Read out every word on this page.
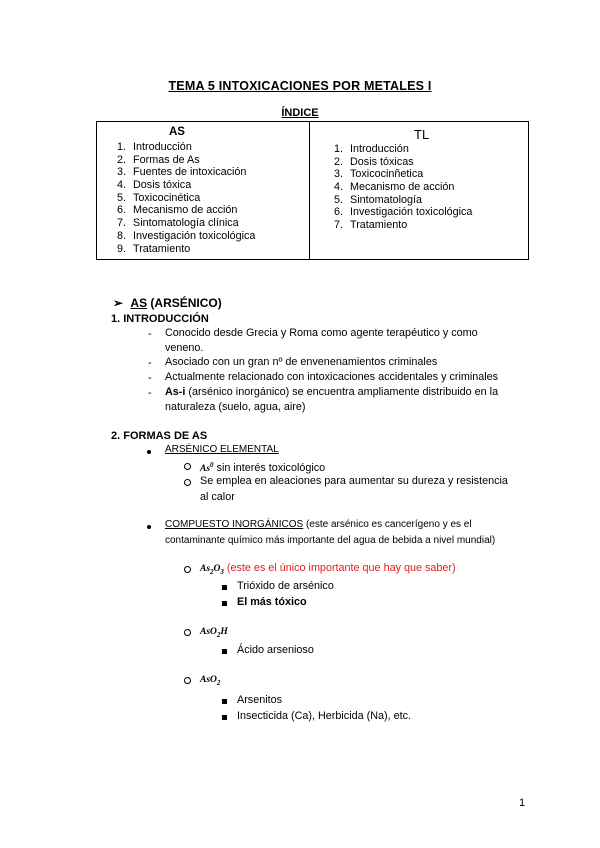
TEMA 5 INTOXICACIONES POR METALES I
ÍNDICE
AS
1. Introducción
2. Formas de As
3. Fuentes de intoxicación
4. Dosis tóxica
5. Toxicocinética
6. Mecanismo de acción
7. Sintomatología clínica
8. Investigación toxicológica
9. Tratamiento
TL
1. Introducción
2. Dosis tóxicas
3. Toxicocinñetica
4. Mecanismo de acción
5. Sintomatología
6. Investigación toxicológica
7. Tratamiento
➢ AS (ARSÉNICO)
1. INTRODUCCIÓN
- Conocido desde Grecia y Roma como agente terapéutico y como
veneno.
- Asociado con un gran nº de envenenamientos criminales
- Actualmente relacionado con intoxicaciones accidentales y criminales
- As-i (arsénico inorgánico) se encuentra ampliamente distribuido en la
naturaleza (suelo, agua, aire)
2. FORMAS DE AS
ARSÉNICO ELEMENTAL
As$^0$ sin interés toxicológico
Se emplea en aleaciones para aumentar su dureza y resistencia
al calor
COMPUESTO INORGÁNICOS (este arsénico es cancerígeno y es el
contaminante químico más importante del agua de bebida a nivel mundial)
$As_2O_3$ (este es el único importante que hay que saber)
Trióxido de arsénico
El más tóxico
AsO$_2$H
Ácido arsenioso
AsO$_2$
Arsenitos
Insecticida (Ca), Herbicida (Na), etc.
1
